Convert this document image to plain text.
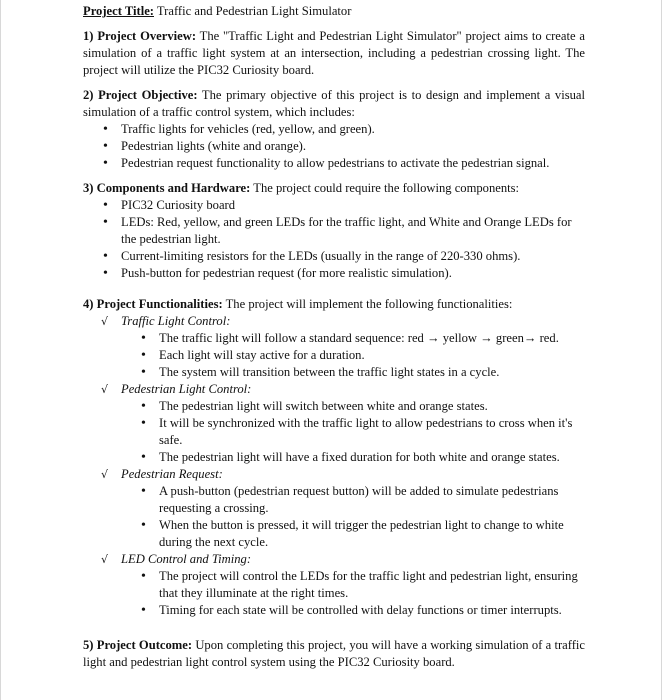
Project Title: Traffic and Pedestrian Light Simulator

1) Project Overview: The "Traffic Light and Pedestrian Light Simulator" project aims to create a simulation of a traffic light system at an intersection, including a pedestrian crossing light. The project will utilize the PIC32 Curiosity board.

2) Project Objective: The primary objective of this project is to design and implement a visual simulation of a traffic control system, which includes:

• Traffic lights for vehicles (red, yellow, and green).
• Pedestrian lights (white and orange).
• Pedestrian request functionality to allow pedestrians to activate the pedestrian signal.

3) Components and Hardware: The project could require the following components:

• PIC32 Curiosity board
• LEDs: Red, yellow, and green LEDs for the traffic light, and White and Orange LEDs for the pedestrian light.
• Current-limiting resistors for the LEDs (usually in the range of 220-330 ohms).
• Push-button for pedestrian request (for more realistic simulation).

4) Project Functionalities: The project will implement the following functionalities:

√ Traffic Light Control:
• The traffic light will follow a standard sequence: red → yellow → green→ red.
• Each light will stay active for a duration.
• The system will transition between the traffic light states in a cycle.
√ Pedestrian Light Control:
• The pedestrian light will switch between white and orange states.
• It will be synchronized with the traffic light to allow pedestrians to cross when it's safe.
• The pedestrian light will have a fixed duration for both white and orange states.
√ Pedestrian Request:
• A push-button (pedestrian request button) will be added to simulate pedestrians requesting a crossing.
• When the button is pressed, it will trigger the pedestrian light to change to white during the next cycle.
√ LED Control and Timing:
• The project will control the LEDs for the traffic light and pedestrian light, ensuring that they illuminate at the right times.
• Timing for each state will be controlled with delay functions or timer interrupts.

5) Project Outcome: Upon completing this project, you will have a working simulation of a traffic light and pedestrian light control system using the PIC32 Curiosity board.
